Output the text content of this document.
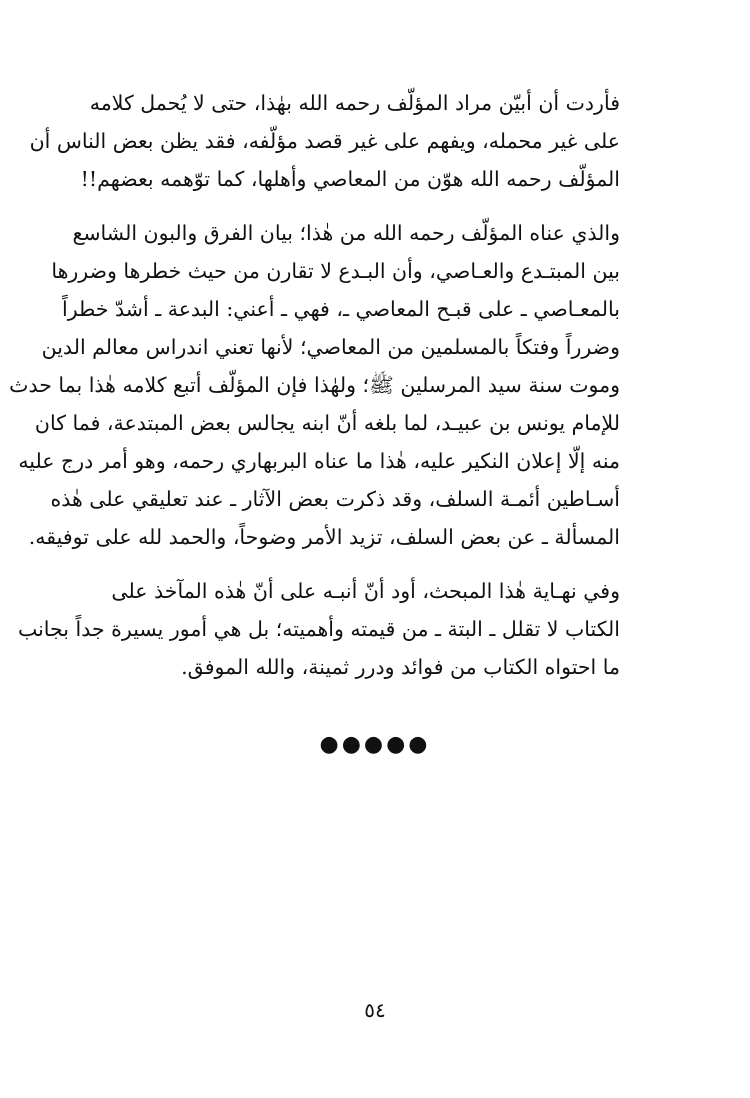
فأردت أن أبيّن مراد المؤلّف رحمه الله بهٰذا، حتى لا يُحمل كلامه
على غير محمله، ويفهم على غير قصد مؤلّفه، فقد يظن بعض الناس أن
المؤلّف رحمه الله هوّن من المعاصي وأهلها، كما توّهمه بعضهم!!
والذي عناه المؤلّف رحمه الله من هٰذا؛ بيان الفرق والبون الشاسع
بين المبتـدع والعـاصي، وأن البـدع لا تقارن من حيث خطرها وضررها
بالمعـاصي ـ على قبـح المعاصي ـ، فهي ـ أعني: البدعة ـ أشدّ خطراً
وضرراً وفتكاً بالمسلمين من المعاصي؛ لأنها تعني اندراس معالم الدين
وموت سنة سيد المرسلين ﷺ؛ ولهٰذا فإن المؤلّف أتبع كلامه هٰذا بما حدث
للإمام يونس بن عبيـد، لما بلغه أنّ ابنه يجالس بعض المبتدعة، فما كان
منه إلّا إعلان النكير عليه، هٰذا ما عناه البربهاري رحمه، وهو أمر درج عليه
أسـاطين أئمـة السلف، وقد ذكرت بعض الآثار ـ عند تعليقي على هٰذه
المسألة ـ عن بعض السلف، تزيد الأمر وضوحاً، والحمد لله على توفيقه.
وفي نهـاية هٰذا المبحث، أود أنّ أنبـه على أنّ هٰذه المآخذ على
الكتاب لا تقلل ـ البتة ـ من قيمته وأهميته؛ بل هي أمور يسيرة جداً بجانب
ما احتواه الكتاب من فوائد ودرر ثمينة، والله الموفق.
●●●●●
٥٤
